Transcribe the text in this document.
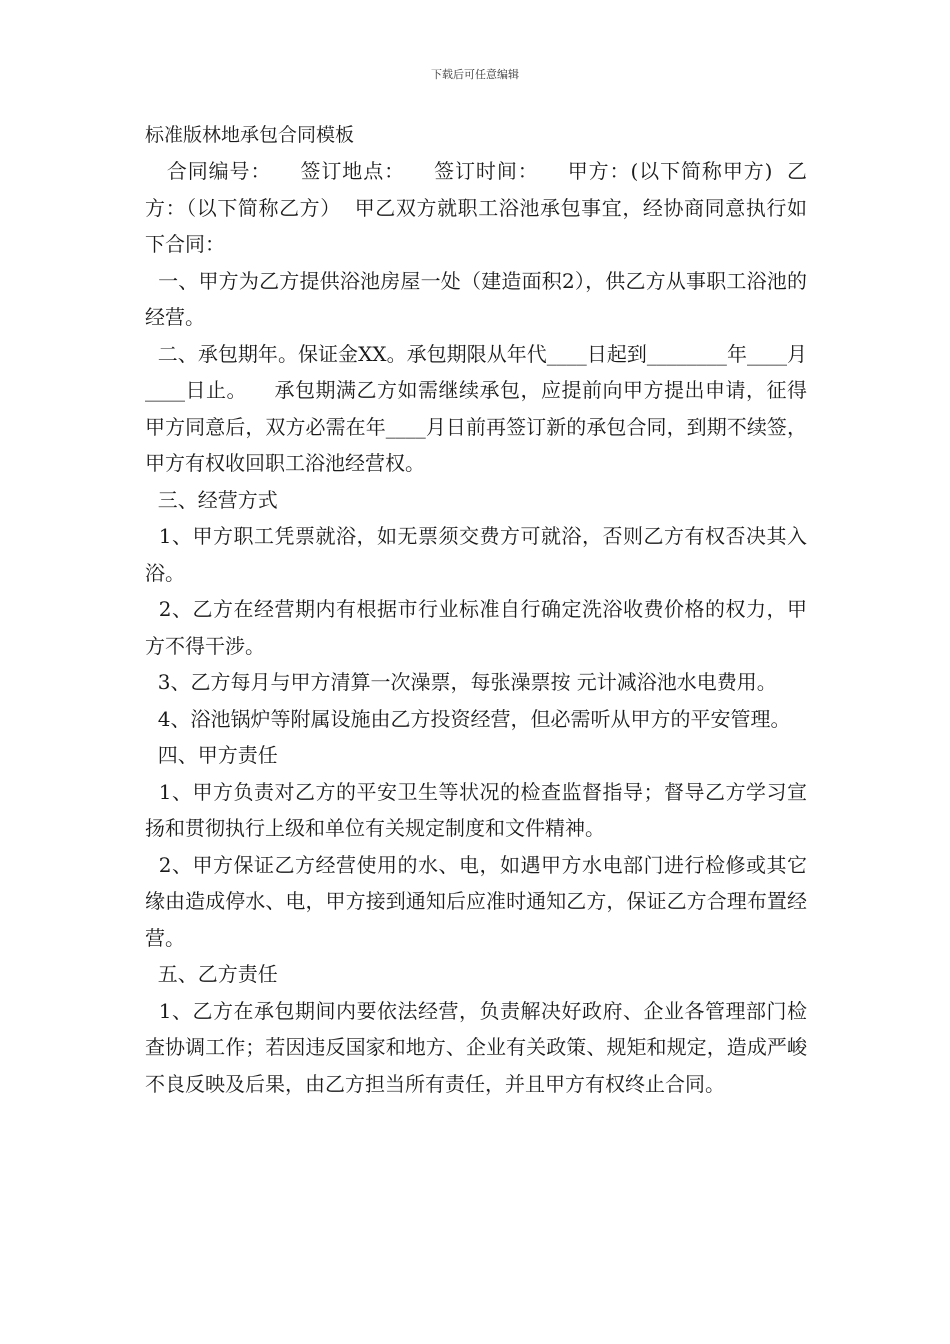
下载后可任意编辑

标准版林地承包合同模板

合同编号：    签订地点：    签订时间：    甲方：(以下简称甲方)  乙方：（以下简称乙方）  甲乙双方就职工浴池承包事宜，经协商同意执行如下合同：

一、甲方为乙方提供浴池房屋一处（建造面积2），供乙方从事职工浴池的经营。

二、承包期年。保证金XX。承包期限从年代____日起到________年____月____日止。    承包期满乙方如需继续承包，应提前向甲方提出申请，征得甲方同意后，双方必需在年____月日前再签订新的承包合同，到期不续签，甲方有权收回职工浴池经营权。

三、经营方式

1、甲方职工凭票就浴，如无票须交费方可就浴，否则乙方有权否决其入浴。

2、乙方在经营期内有根据市行业标准自行确定洗浴收费价格的权力，甲方不得干涉。

3、乙方每月与甲方清算一次澡票，每张澡票按 元计减浴池水电费用。

4、浴池锅炉等附属设施由乙方投资经营，但必需听从甲方的平安管理。

四、甲方责任

1、甲方负责对乙方的平安卫生等状况的检查监督指导；督导乙方学习宣扬和贯彻执行上级和单位有关规定制度和文件精神。

2、甲方保证乙方经营使用的水、电，如遇甲方水电部门进行检修或其它缘由造成停水、电，甲方接到通知后应准时通知乙方，保证乙方合理布置经营。

五、乙方责任

1、乙方在承包期间内要依法经营，负责解决好政府、企业各管理部门检查协调工作；若因违反国家和地方、企业有关政策、规矩和规定，造成严峻不良反映及后果，由乙方担当所有责任，并且甲方有权终止合同。
